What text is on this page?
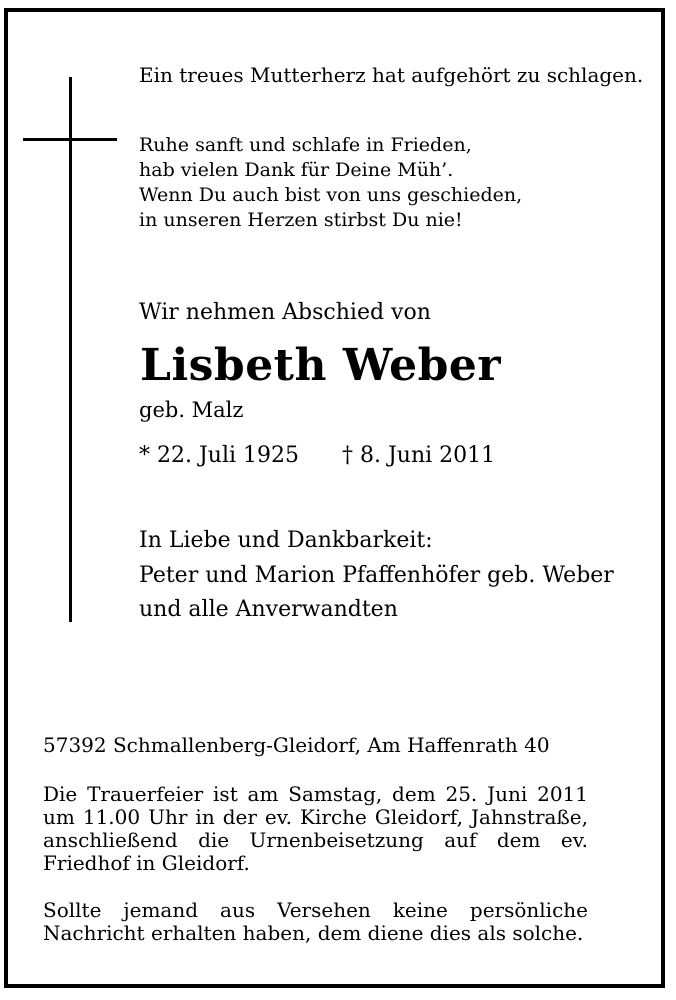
Ein treues Mutterherz hat aufgehört zu schlagen.

Ruhe sanft und schlafe in Frieden,

hab vielen Dank für Deine Müh’.

Wenn Du auch bist von uns geschieden,

in unseren Herzen stirbst Du nie!

Wir nehmen Abschied von

Lisbeth Weber

geb. Malz

* 22. Juli 1925 † 8. Juni 2011

In Liebe und Dankbarkeit:

Peter und Marion Pfaffenhöfer geb. Weber

und alle Anverwandten

57392 Schmallenberg-Gleidorf, Am Haffenrath 40

Die Trauerfeier ist am Samstag, dem 25. Juni 2011 um 11.00 Uhr in der ev. Kirche Gleidorf, Jahnstraße, anschließend die Urnenbeisetzung auf dem ev. Friedhof in Gleidorf.

Sollte jemand aus Versehen keine persönliche Nachricht erhalten haben, dem diene dies als solche.
